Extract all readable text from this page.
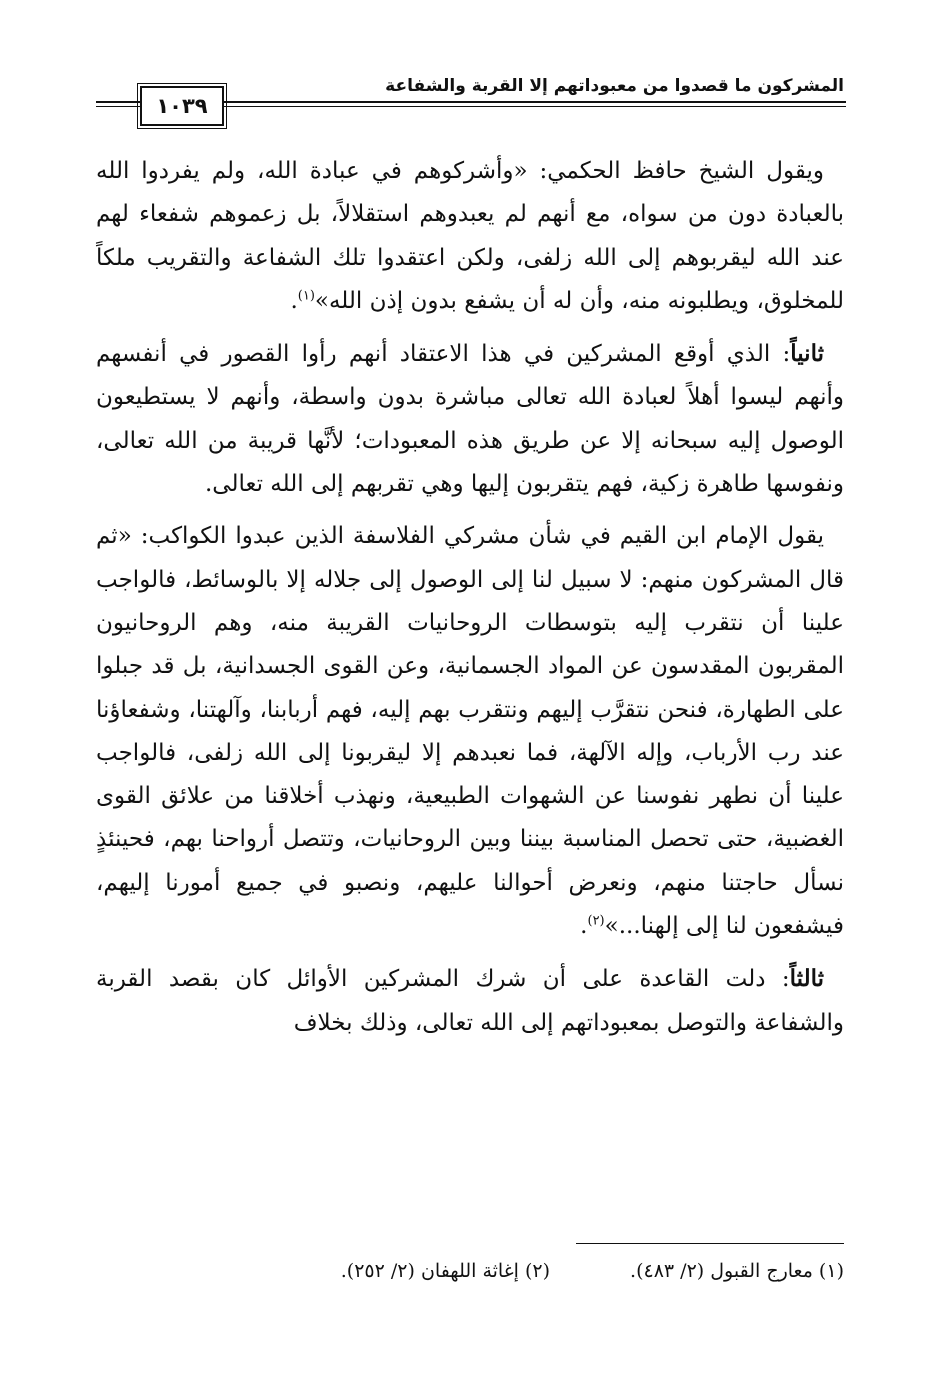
المشركون ما قصدوا من معبوداتهم إلا القربة والشفاعة
١٠٣٩

ويقول الشيخ حافظ الحكمي: «وأشركوهم في عبادة الله، ولم يفردوا الله بالعبادة دون من سواه، مع أنهم لم يعبدوهم استقلالاً، بل زعموهم شفعاء لهم عند الله ليقربوهم إلى الله زلفى، ولكن اعتقدوا تلك الشفاعة والتقريب ملكاً للمخلوق، ويطلبونه منه، وأن له أن يشفع بدون إذن الله»$^{(١)}$.

ثانياً: الذي أوقع المشركين في هذا الاعتقاد أنهم رأوا القصور في أنفسهم وأنهم ليسوا أهلاً لعبادة الله تعالى مباشرة بدون واسطة، وأنهم لا يستطيعون الوصول إليه سبحانه إلا عن طريق هذه المعبودات؛ لأنَّها قريبة من الله تعالى، ونفوسها طاهرة زكية، فهم يتقربون إليها وهي تقربهم إلى الله تعالى.

يقول الإمام ابن القيم في شأن مشركي الفلاسفة الذين عبدوا الكواكب: «ثم قال المشركون منهم: لا سبيل لنا إلى الوصول إلى جلاله إلا بالوسائط، فالواجب علينا أن نتقرب إليه بتوسطات الروحانيات القريبة منه، وهم الروحانيون المقربون المقدسون عن المواد الجسمانية، وعن القوى الجسدانية، بل قد جبلوا على الطهارة، فنحن نتقرَّب إليهم ونتقرب بهم إليه، فهم أربابنا، وآلهتنا، وشفعاؤنا عند رب الأرباب، وإله الآلهة، فما نعبدهم إلا ليقربونا إلى الله زلفى، فالواجب علينا أن نطهر نفوسنا عن الشهوات الطبيعية، ونهذب أخلاقنا من علائق القوى الغضبية، حتى تحصل المناسبة بيننا وبين الروحانيات، وتتصل أرواحنا بهم، فحينئذٍ نسأل حاجتنا منهم، ونعرض أحوالنا عليهم، ونصبو في جميع أمورنا إليهم، فيشفعون لنا إلى إلهنا...»$^{(٢)}$.

ثالثاً: دلت القاعدة على أن شرك المشركين الأوائل كان بقصد القربة والشفاعة والتوصل بمعبوداتهم إلى الله تعالى، وذلك بخلاف

(١) معارج القبول (٢/ ٤٨٣).(٢) إغاثة اللهفان (٢/ ٢٥٢).
